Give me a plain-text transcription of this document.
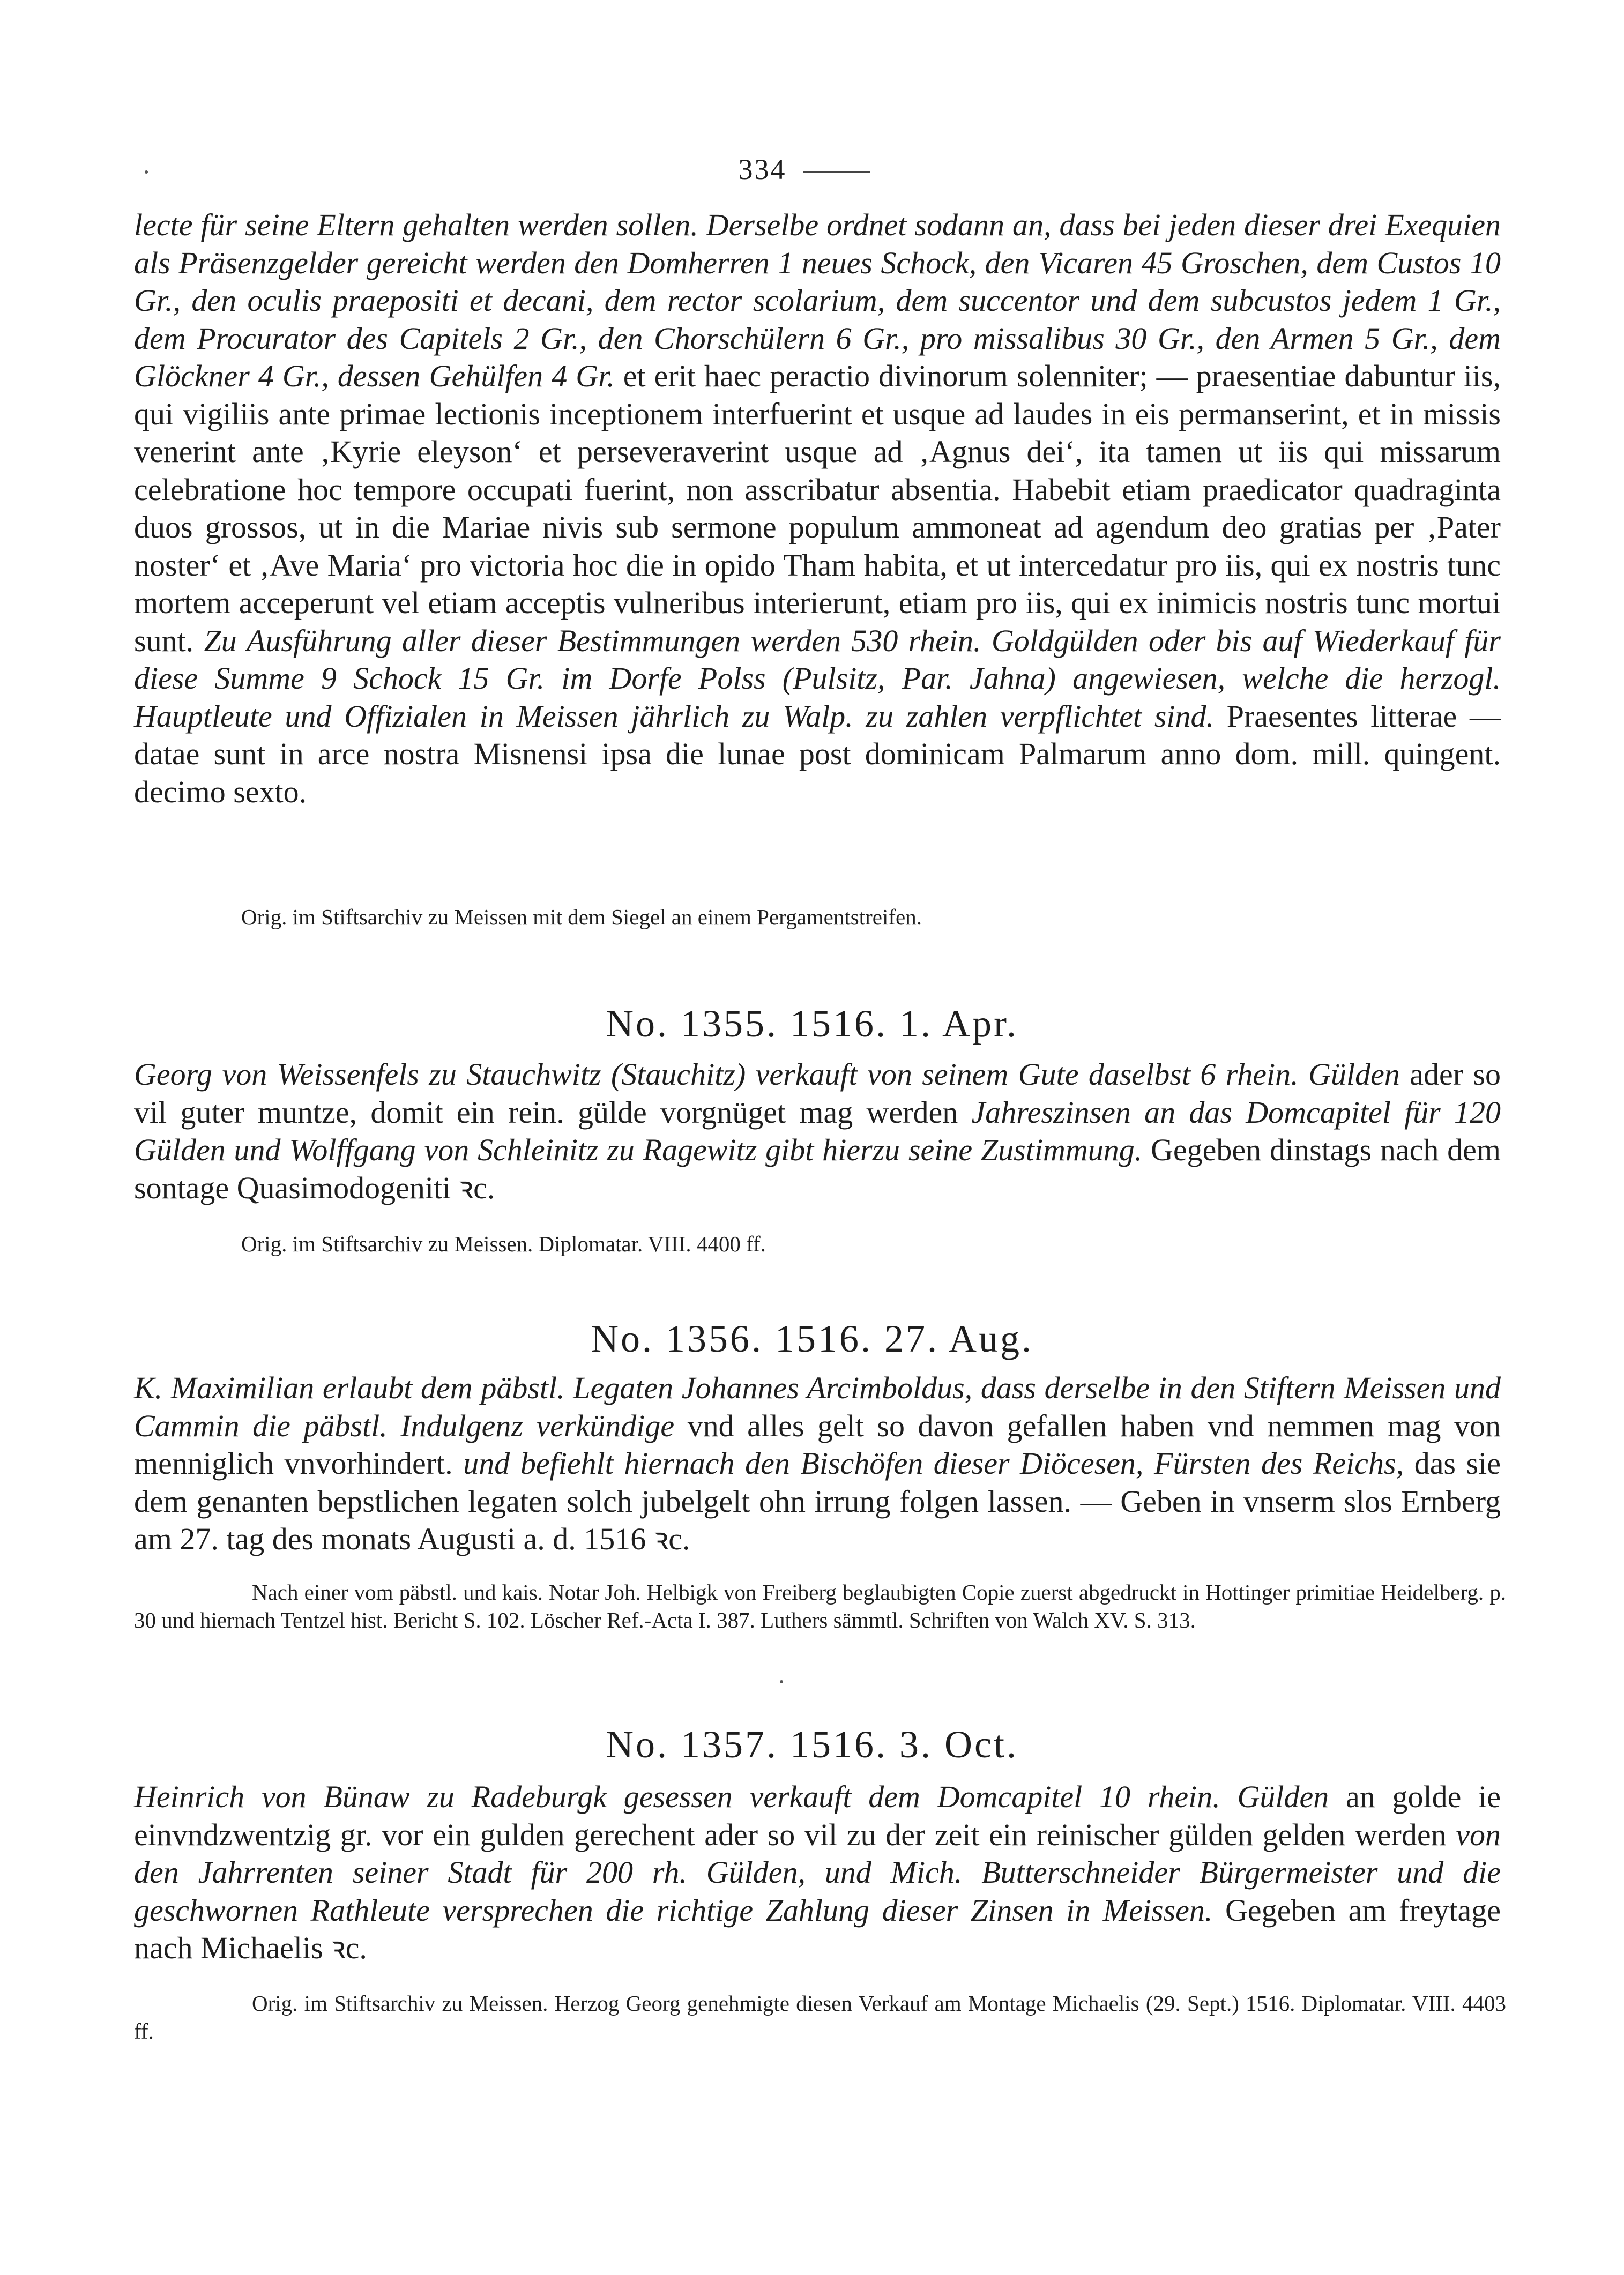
334
lecte für seine Eltern gehalten werden sollen. Derselbe ordnet sodann an, dass bei jeden dieser drei Exequien als Präsenzgelder gereicht werden den Domherren 1 neues Schock, den Vicaren 45 Groschen, dem Custos 10 Gr., den oculis praepositi et decani, dem rector scolarium, dem succentor und dem subcustos jedem 1 Gr., dem Procurator des Capitels 2 Gr., den Chorschülern 6 Gr., pro missalibus 30 Gr., den Armen 5 Gr., dem Glöckner 4 Gr., dessen Gehülfen 4 Gr. et erit haec peractio divinorum solenniter; — praesentiae dabuntur iis, qui vigiliis ante primae lectionis inceptionem interfuerint et usque ad laudes in eis permanserint, et in missis venerint ante ‚Kyrie eleyson‘ et perseveraverint usque ad ‚Agnus dei‘, ita tamen ut iis qui missarum celebratione hoc tempore occupati fuerint, non asscribatur absentia. Habebit etiam praedicator quadraginta duos grossos, ut in die Mariae nivis sub sermone populum ammoneat ad agendum deo gratias per ‚Pater noster‘ et ‚Ave Maria‘ pro victoria hoc die in opido Tham habita, et ut intercedatur pro iis, qui ex nostris tunc mortem acceperunt vel etiam acceptis vulneribus interierunt, etiam pro iis, qui ex inimicis nostris tunc mortui sunt. Zu Ausführung aller dieser Bestimmungen werden 530 rhein. Goldgülden oder bis auf Wiederkauf für diese Summe 9 Schock 15 Gr. im Dorfe Polss (Pulsitz, Par. Jahna) angewiesen, welche die herzogl. Hauptleute und Offizialen in Meissen jährlich zu Walp. zu zahlen verpflichtet sind. Praesentes litterae — datae sunt in arce nostra Misnensi ipsa die lunae post dominicam Palmarum anno dom. mill. quingent. decimo sexto.
Orig. im Stiftsarchiv zu Meissen mit dem Siegel an einem Pergamentstreifen.
No. 1355. 1516. 1. Apr.
Georg von Weissenfels zu Stauchwitz (Stauchitz) verkauft von seinem Gute daselbst 6 rhein. Gülden ader so vil guter muntze, domit ein rein. gülde vorgnüget mag werden Jahreszinsen an das Domcapitel für 120 Gülden und Wolffgang von Schleinitz zu Ragewitz gibt hierzu seine Zustimmung. Gegeben dinstags nach dem sontage Quasimodogeniti ꝛc.
Orig. im Stiftsarchiv zu Meissen. Diplomatar. VIII. 4400 ff.
No. 1356. 1516. 27. Aug.
K. Maximilian erlaubt dem päbstl. Legaten Johannes Arcimboldus, dass derselbe in den Stiftern Meissen und Cammin die päbstl. Indulgenz verkündige vnd alles gelt so davon gefallen haben vnd nemmen mag von menniglich vnvorhindert. und befiehlt hiernach den Bischöfen dieser Diöcesen, Fürsten des Reichs, das sie dem genanten bepstlichen legaten solch jubelgelt ohn irrung folgen lassen. — Geben in vnserm slos Ernberg am 27. tag des monats Augusti a. d. 1516 ꝛc.
Nach einer vom päbstl. und kais. Notar Joh. Helbigk von Freiberg beglaubigten Copie zuerst abgedruckt in Hottinger primitiae Heidelberg. p. 30 und hiernach Tentzel hist. Bericht S. 102. Löscher Ref.-Acta I. 387. Luthers sämmtl. Schriften von Walch XV. S. 313.
No. 1357. 1516. 3. Oct.
Heinrich von Bünaw zu Radeburgk gesessen verkauft dem Domcapitel 10 rhein. Gülden an golde ie einvndzwentzig gr. vor ein gulden gerechent ader so vil zu der zeit ein reinischer gülden gelden werden von den Jahrrenten seiner Stadt für 200 rh. Gülden, und Mich. Butterschneider Bürgermeister und die geschwornen Rathleute versprechen die richtige Zahlung dieser Zinsen in Meissen. Gegeben am freytage nach Michaelis ꝛc.
Orig. im Stiftsarchiv zu Meissen. Herzog Georg genehmigte diesen Verkauf am Montage Michaelis (29. Sept.) 1516. Diplomatar. VIII. 4403 ff.
